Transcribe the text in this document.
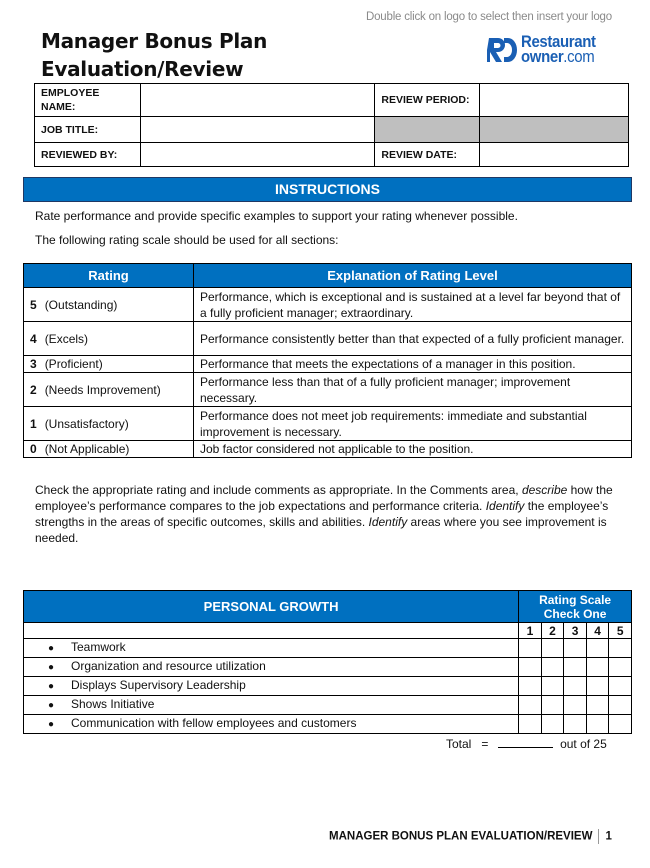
Double click on logo to select then insert your logo
Manager Bonus Plan
Evaluation/Review
Restaurant
owner.com
EMPLOYEE NAME:		REVIEW PERIOD:	
JOB TITLE:			
REVIEWED BY:		REVIEW DATE:	
INSTRUCTIONS
Rate performance and provide specific examples to support your rating whenever possible.
The following rating scale should be used for all sections:
Rating	Explanation of Rating Level
5 (Outstanding)	Performance, which is exceptional and is sustained at a level far beyond that of a fully proficient manager; extraordinary.
4 (Excels)	Performance consistently better than that expected of a fully proficient manager.
3 (Proficient)	Performance that meets the expectations of a manager in this position.
2 (Needs Improvement)	Performance less than that of a fully proficient manager; improvement necessary.
1 (Unsatisfactory)	Performance does not meet job requirements: immediate and substantial improvement is necessary.
0 (Not Applicable)	Job factor considered not applicable to the position.
Check the appropriate rating and include comments as appropriate. In the Comments area, describe how the employee’s performance compares to the job expectations and performance criteria. Identify the employee’s strengths in the areas of specific outcomes, skills and abilities. Identify areas where you see improvement is needed.
PERSONAL GROWTH	Rating Scale
Check One				

	1	2	3	4	5
● Teamwork					
● Organization and resource utilization					
● Displays Supervisory Leadership					
● Shows Initiative					
● Communication with fellow employees and customers					
Total =	out of 25
MANAGER BONUS PLAN EVALUATION/REVIEW 1
